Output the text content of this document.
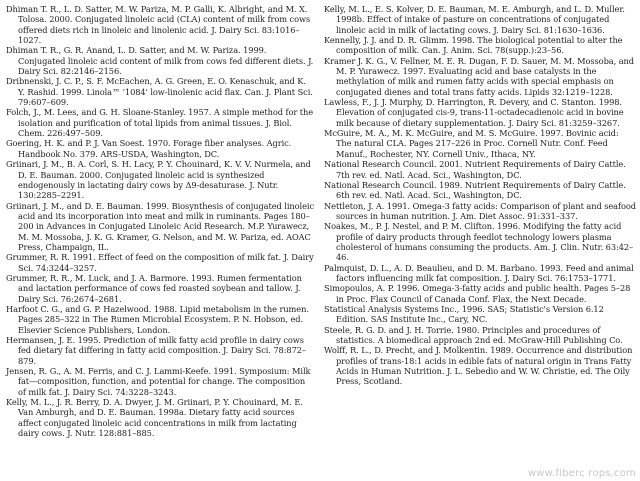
Dhiman T. R., L. D. Satter, M. W. Pariza, M. P. Galli, K. Albright, and M. X. Tolosa. 2000. Conjugated linoleic acid (CLA) content of milk from cows offered diets rich in linoleic and linolenic acid. J. Dairy Sci. 83:1016–1027.

Dhiman T. R., G. R. Anand, L. D. Satter, and M. W. Pariza. 1999. Conjugated linoleic acid content of milk from cows fed different diets. J. Dairy Sci. 82:2146–2156.

Dribnenski, J. C. P., S. F. McEachen, A. G. Green, E. O. Kenaschuk, and K. Y. Rashid. 1999. Linola™ '1084' low-linolenic acid flax. Can. J. Plant Sci. 79:607–609.

Folch, J., M. Lees, and G. H. Sloane-Stanley. 1957. A simple method for the isolation and purification of total lipids from animal tissues. J. Biol. Chem. 226:497–509.

Goering, H. K. and P. J. Van Soest. 1970. Forage fiber analyses. Agric. Handbook No. 379. ARS-USDA, Washington, DC.

Griinari, J. M., B. A. Corl, S. H. Lacy, P. Y. Chouinard, K. V. V. Nurmela, and D. E. Bauman. 2000. Conjugated linoleic acid is synthesized endogenously in lactating dairy cows by Δ9-desaturase. J. Nutr. 130:2285–2291.

Griinari, J. M., and D. E. Bauman. 1999. Biosynthesis of conjugated linoleic acid and its incorporation into meat and milk in ruminants. Pages 180–200 in Advances in Conjugated Linoleic Acid Research. M.P. Yurawecz, M. M. Mossoba, J. K. G. Kramer, G. Nelson, and M. W. Pariza, ed. AOAC Press, Champaign, IL.

Grummer, R. R. 1991. Effect of feed on the composition of milk fat. J. Dairy Sci. 74:3244–3257.

Grummer, R. R., M. Luck, and J. A. Barmore. 1993. Rumen fermentation and lactation performance of cows fed roasted soybean and tallow. J. Dairy Sci. 76:2674–2681.

Harfoot C. G., and G. P. Hazelwood. 1988. Lipid metabolism in the rumen. Pages 285–322 in The Rumen Microbial Ecosystem. P. N. Hobson, ed. Elsevier Science Publishers, London.

Hermansen, J. E. 1995. Prediction of milk fatty acid profile in dairy cows fed dietary fat differing in fatty acid composition. J. Dairy Sci. 78:872–879.

Jensen, R. G., A. M. Ferris, and C. J. Lammi-Keefe. 1991. Symposium: Milk fat—composition, function, and potential for change. The composition of milk fat. J. Dairy Sci. 74:3228–3243.

Kelly, M. L., J. R. Berry, D. A. Dwyer, J. M. Griinari, P. Y. Chouinard, M. E. Van Amburgh, and D. E. Bauman. 1998a. Dietary fatty acid sources affect conjugated linoleic acid concentrations in milk from lactating dairy cows. J. Nutr. 128:881–885.

Kelly, M. L., E. S. Kolver, D. E. Bauman, M. E. Amburgh, and L. D. Muller. 1998b. Effect of intake of pasture on concentrations of conjugated linoleic acid in milk of lactating cows. J. Dairy Sci. 81:1630–1636.

Kennelly, J. J. and D. R. Glimm. 1998. The biological potential to alter the composition of milk. Can. J. Anim. Sci. 78(supp.):23–56.

Kramer J. K. G., V. Fellner, M. E. R. Dugan, F. D. Sauer, M. M. Mossoba, and M. P. Yurawecz. 1997. Evaluating acid and base catalysts in the methylation of milk and rumen fatty acids with special emphasis on conjugated dienes and total trans fatty acids. Lipids 32:1219–1228.

Lawless, F., J. J. Murphy, D. Harrington, R. Devery, and C. Stanton. 1998. Elevation of conjugated cis-9, trans-11-octadecadienoic acid in bovine milk because of dietary supplementation. J. Dairy Sci. 81:3259–3267.

McGuire, M. A., M. K. McGuire, and M. S. McGuire. 1997. Bovinic acid: The natural CLA. Pages 217–226 in Proc. Cornell Nutr. Conf. Feed Manuf., Rochester, NY. Cornell Univ., Ithaca, NY.

National Research Council. 2001. Nutrient Requirements of Dairy Cattle. 7th rev. ed. Natl. Acad. Sci., Washington, DC.

National Research Council. 1989. Nutrient Requirements of Dairy Cattle. 6th rev. ed. Natl. Acad. Sci., Washington, DC.

Nettleton, J. A. 1991. Omega-3 fatty acids: Comparison of plant and seafood sources in human nutrition. J. Am. Diet Assoc. 91:331–337.

Noakes, M., P. J. Nestel, and P. M. Clifton. 1996. Modifying the fatty acid profile of dairy products through feedlot technology lowers plasma cholesterol of humans consuming the products. Am. J. Clin. Nutr. 63:42–46.

Palmquist, D. L., A. D. Beaulieu, and D. M. Barbano. 1993. Feed and animal factors influencing milk fat composition. J. Dairy Sci. 76:1753–1771.

Simopoulos, A. P. 1996. Omega-3-fatty acids and public health. Pages 5–28 in Proc. Flax Council of Canada Conf. Flax, the Next Decade.

Statistical Analysis Systems Inc., 1996. SAS; Statistic's Version 6.12 Edition. SAS Institute Inc., Cary, NC.

Steele, R. G. D. and J. H. Torrie. 1980. Principles and procedures of statistics. A biomedical approach 2nd ed. McGraw-Hill Publishing Co.

Wolff, R. L., D. Precht, and J. Molkentin. 1989. Occurrence and distribution profiles of trans-18:1 acids in edible fats of natural origin in Trans Fatty Acids in Human Nutrition. J. L. Sebedio and W. W. Christie, ed. The Oily Press, Scotland.

www.fiberc rops.com
